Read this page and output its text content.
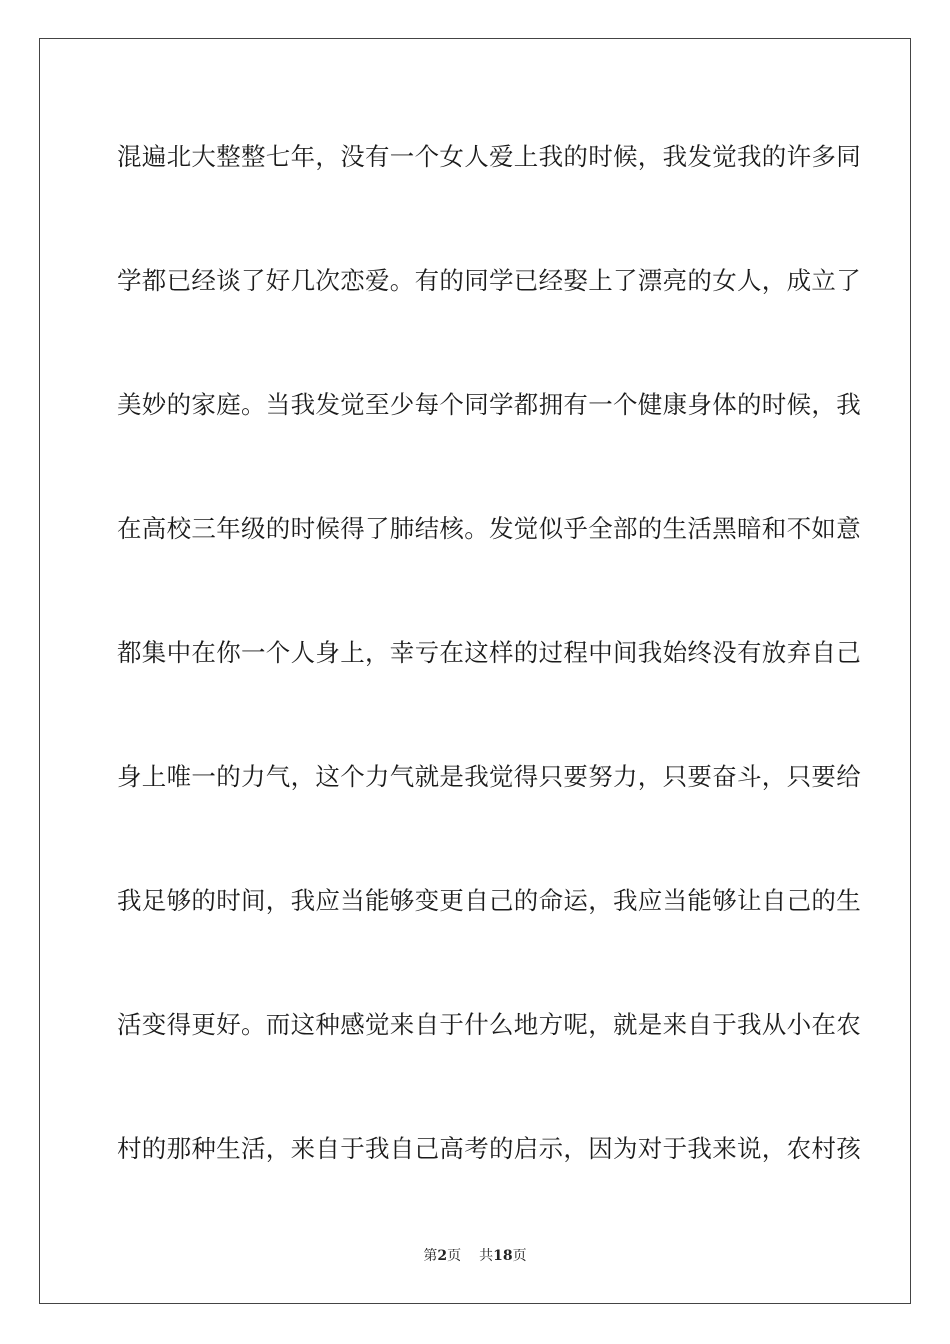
混遍北大整整七年，没有一个女人爱上我的时候，我发觉我的许多同
学都已经谈了好几次恋爱。有的同学已经娶上了漂亮的女人，成立了
美妙的家庭。当我发觉至少每个同学都拥有一个健康身体的时候，我
在高校三年级的时候得了肺结核。发觉似乎全部的生活黑暗和不如意
都集中在你一个人身上，幸亏在这样的过程中间我始终没有放弃自己
身上唯一的力气，这个力气就是我觉得只要努力，只要奋斗，只要给
我足够的时间，我应当能够变更自己的命运，我应当能够让自己的生
活变得更好。而这种感觉来自于什么地方呢，就是来自于我从小在农
村的那种生活，来自于我自己高考的启示，因为对于我来说，农村孩
第2页 共18页
